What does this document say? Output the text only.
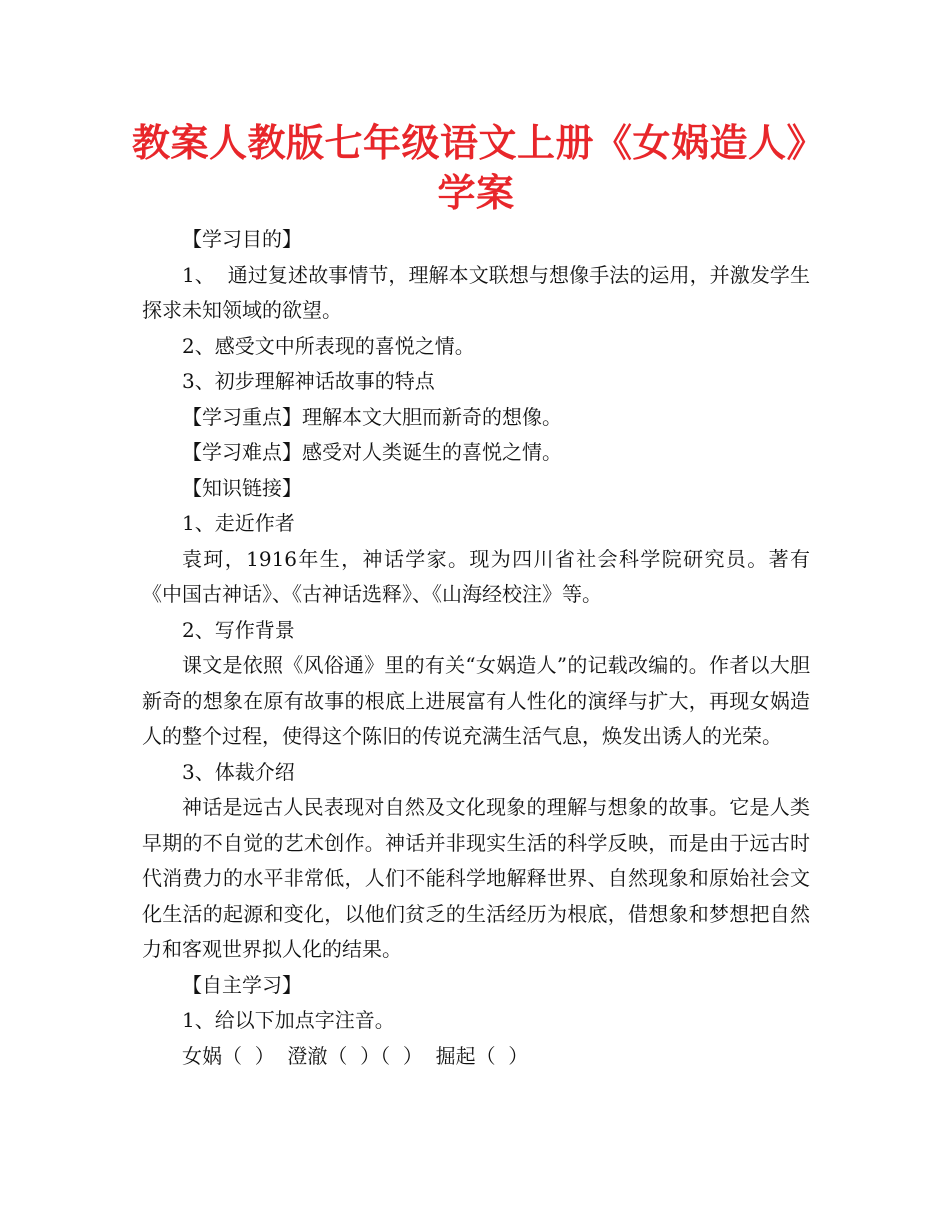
教案人教版七年级语文上册《女娲造人》
学案

【学习目的】

1、  通过复述故事情节，理解本文联想与想像手法的运用，并激发学生探求未知领域的欲望。

2、感受文中所表现的喜悦之情。

3、初步理解神话故事的特点

【学习重点】理解本文大胆而新奇的想像。

【学习难点】感受对人类诞生的喜悦之情。

【知识链接】

1、走近作者

袁珂，1916年生，神话学家。现为四川省社会科学院研究员。著有《中国古神话》、《古神话选释》、《山海经校注》等。

2、写作背景

课文是依照《风俗通》里的有关“女娲造人”的记载改编的。作者以大胆新奇的想象在原有故事的根底上进展富有人性化的演绎与扩大，再现女娲造人的整个过程，使得这个陈旧的传说充满生活气息，焕发出诱人的光荣。

3、体裁介绍

神话是远古人民表现对自然及文化现象的理解与想象的故事。它是人类早期的不自觉的艺术创作。神话并非现实生活的科学反映，而是由于远古时代消费力的水平非常低，人们不能科学地解释世界、自然现象和原始社会文化生活的起源和变化，以他们贫乏的生活经历为根底，借想象和梦想把自然力和客观世界拟人化的结果。

【自主学习】

1、给以下加点字注音。

女娲（  ）  澄澈（  ）（  ）  掘起（  ）
